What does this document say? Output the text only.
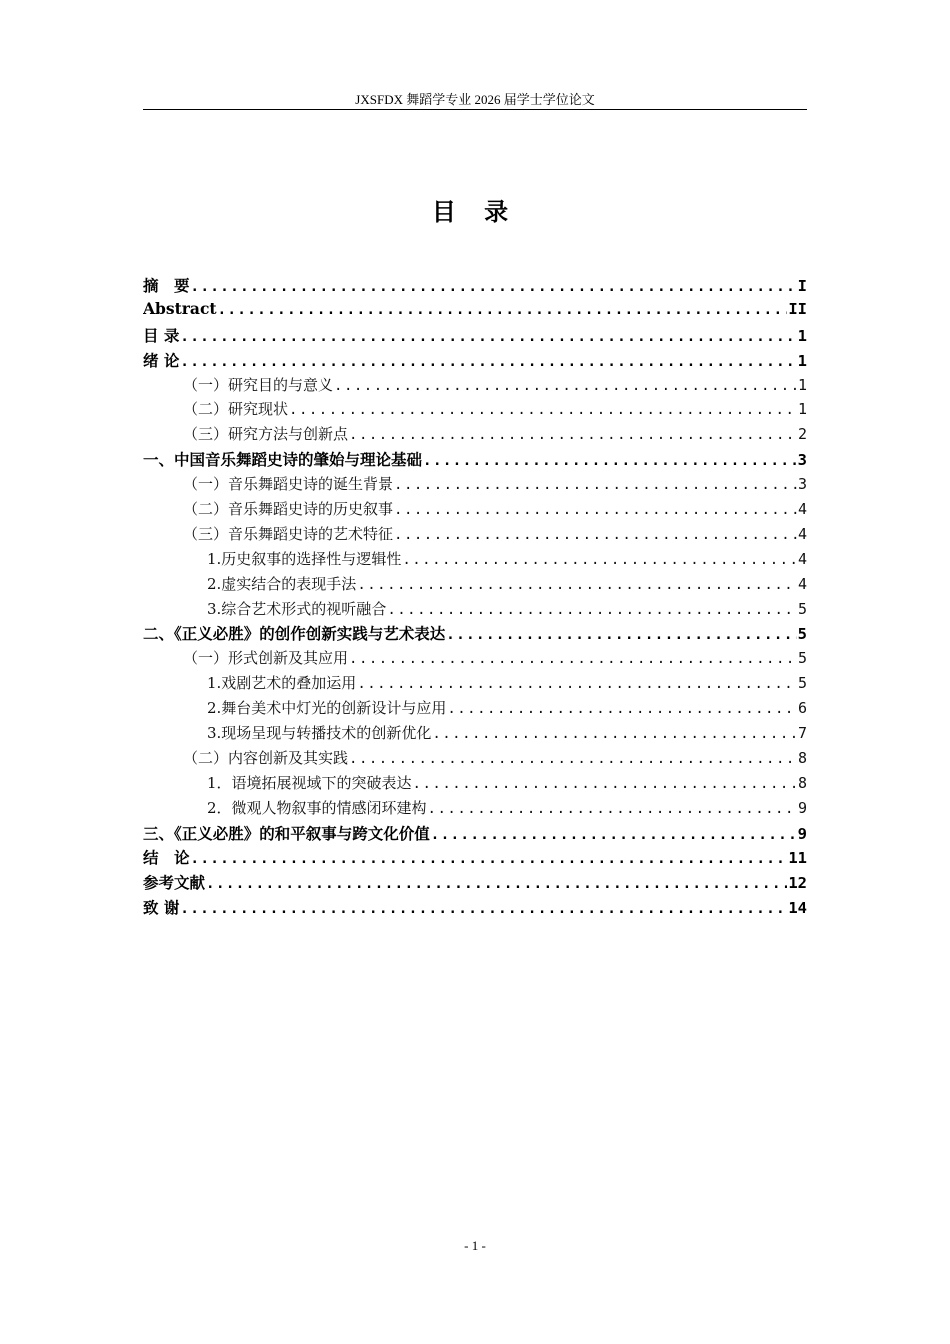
JXSFDX 舞蹈学专业 2026 届学士学位论文
目 录
摘　要 .....	I
Abstract .....	II
目 录 .....	1
绪 论 .....	1
（一）研究目的与意义 .....	1
（二）研究现状 .....	1
（三）研究方法与创新点 .....	2
一、中国音乐舞蹈史诗的肇始与理论基础 .....	3
（一）音乐舞蹈史诗的诞生背景 .....	3
（二）音乐舞蹈史诗的历史叙事 .....	4
（三）音乐舞蹈史诗的艺术特征 .....	4
1.历史叙事的选择性与逻辑性 .....	4
2.虚实结合的表现手法 .....	4
3.综合艺术形式的视听融合 .....	5
二、《正义必胜》的创作创新实践与艺术表达 .....	5
（一）形式创新及其应用 .....	5
1.戏剧艺术的叠加运用 .....	5
2.舞台美术中灯光的创新设计与应用 .....	6
3.现场呈现与转播技术的创新优化 .....	7
（二）内容创新及其实践 .....	8
1．语境拓展视域下的突破表达 .....	8
2．微观人物叙事的情感闭环建构 .....	9
三、《正义必胜》的和平叙事与跨文化价值 .....	9
结　论 .....	11
参考文献 .....	12
致 谢 .....	14
- 1 -
